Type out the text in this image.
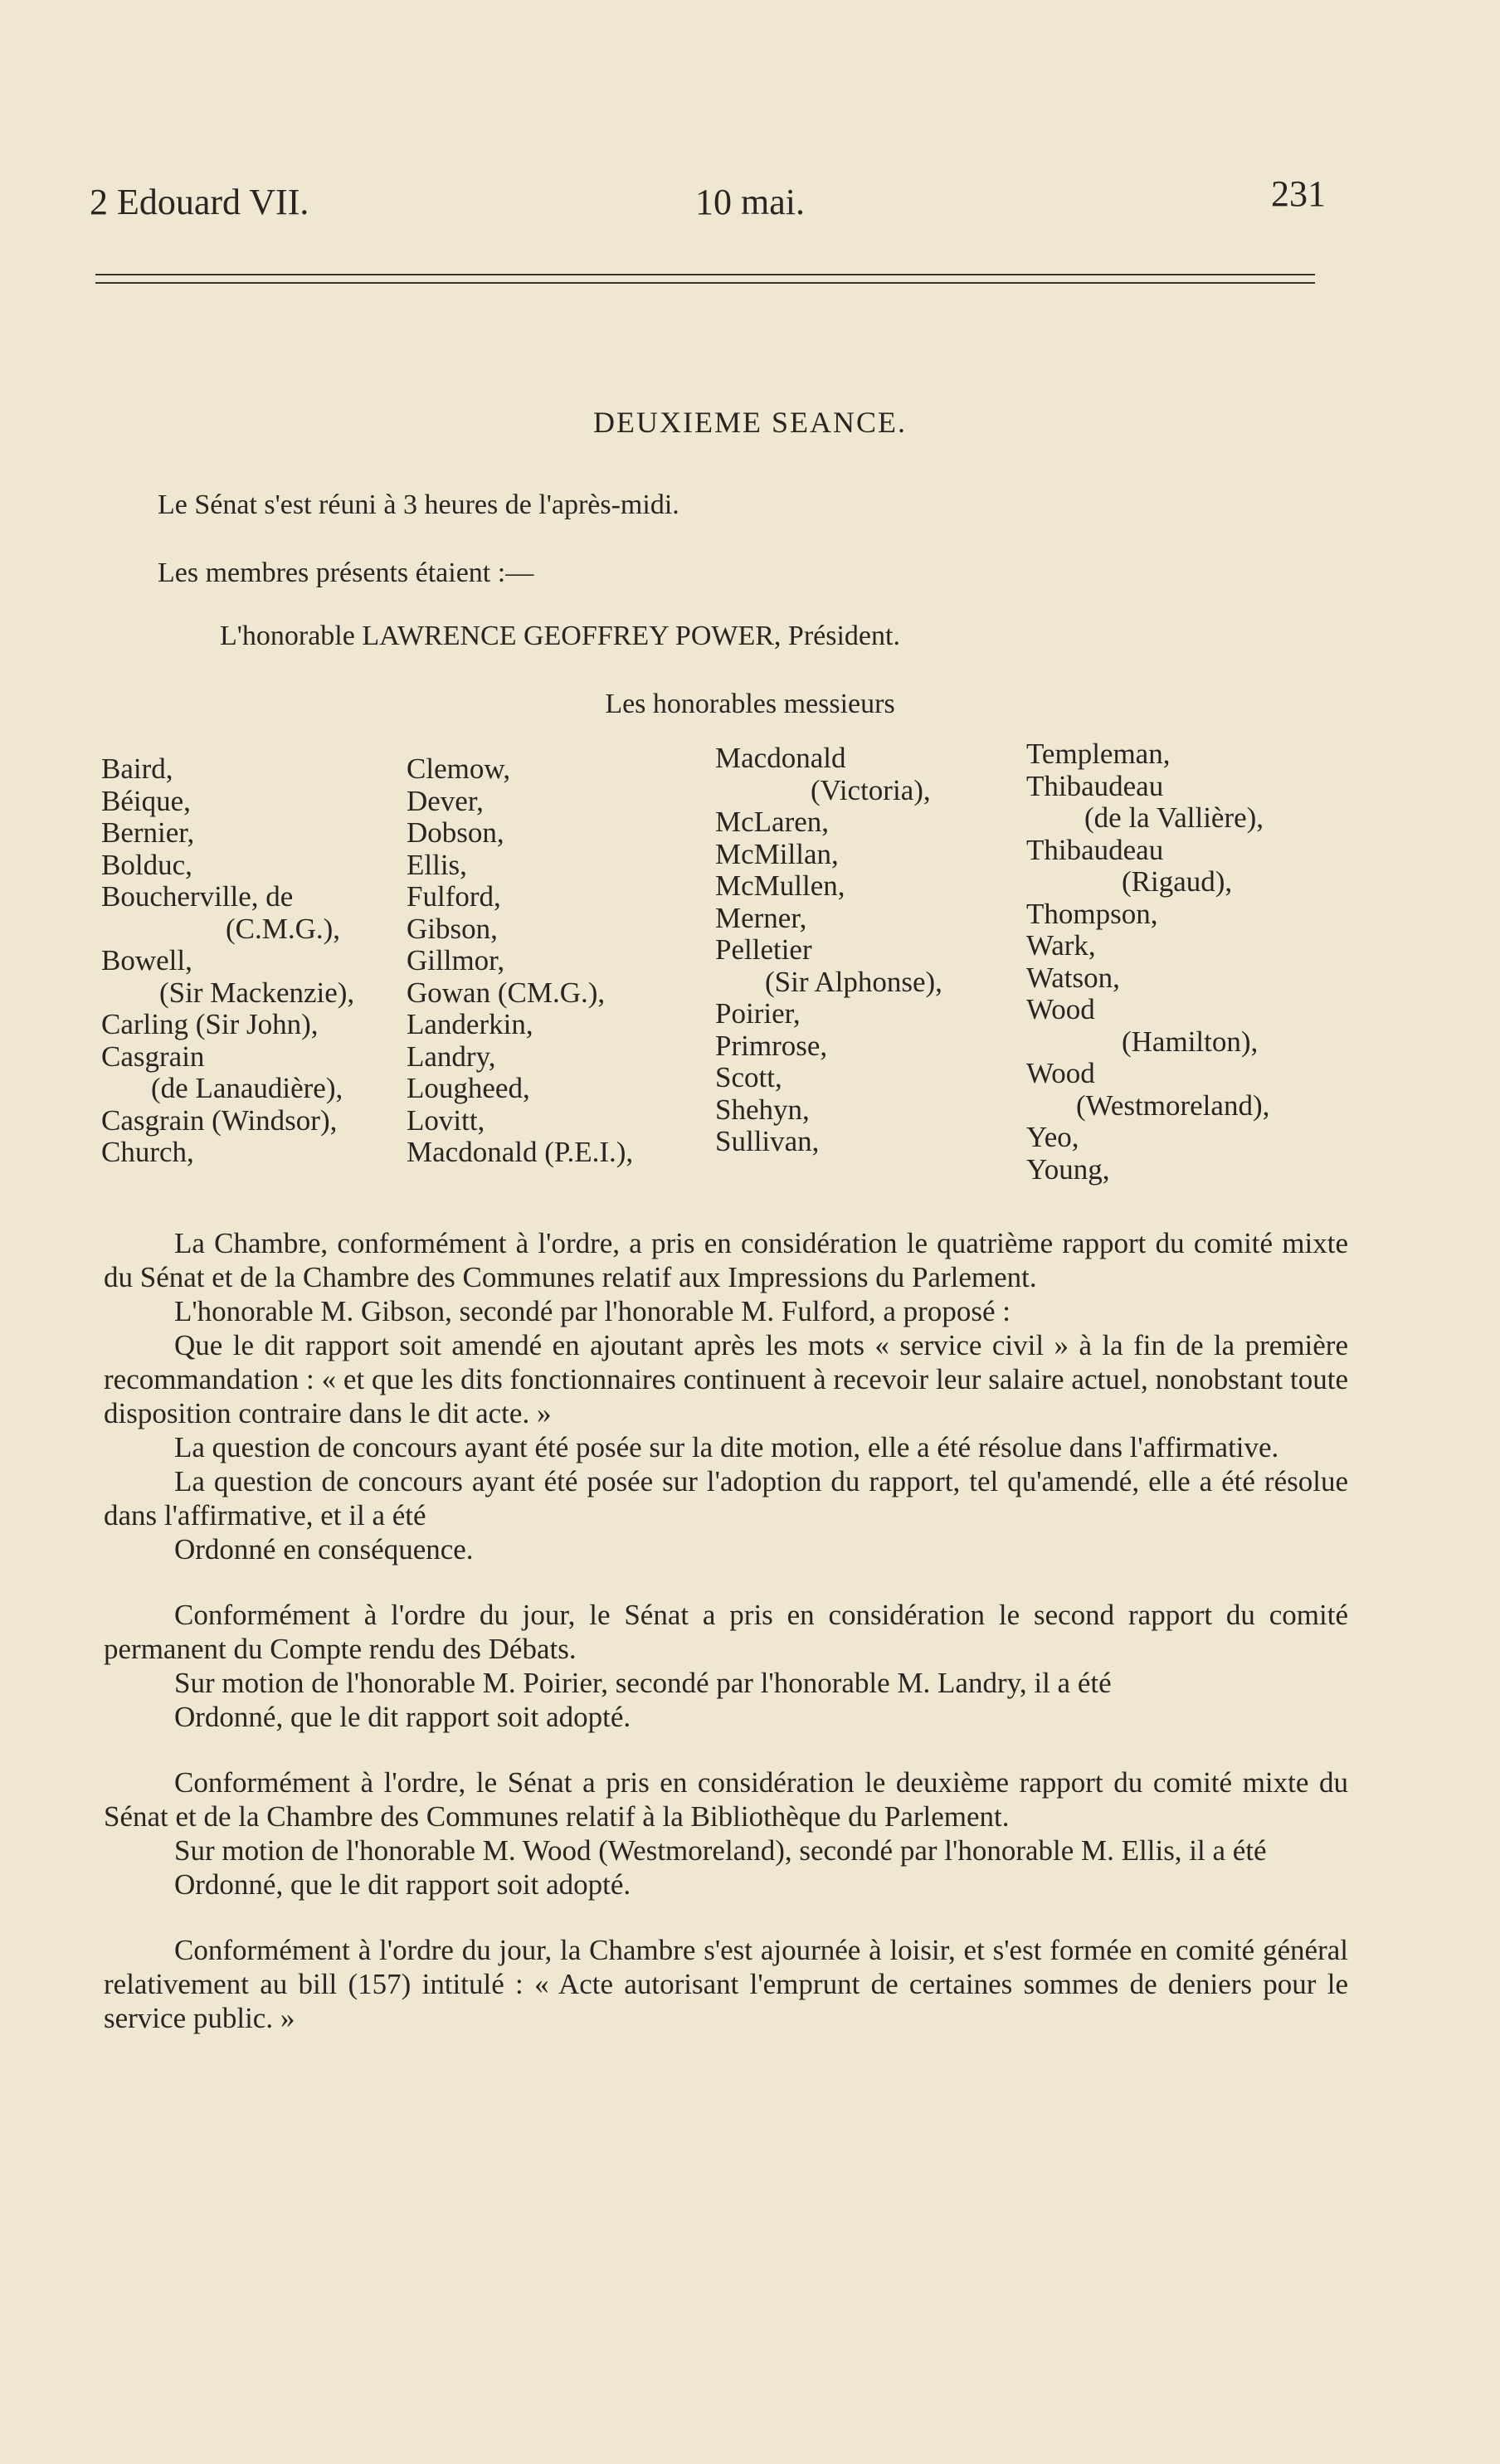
2 Edouard VII.	10 mai.	231
DEUXIEME SEANCE.
Le Sénat s'est réuni à 3 heures de l'après-midi.
Les membres présents étaient :—
L'honorable LAWRENCE GEOFFREY POWER, Président.
Les honorables messieurs
Baird,
Béique,
Bernier,
Bolduc,
Boucherville, de
(C.M.G.),
Bowell,
(Sir Mackenzie),
Carling (Sir John),
Casgrain
(de Lanaudière),
Casgrain (Windsor),
Church,
Clemow,
Dever,
Dobson,
Ellis,
Fulford,
Gibson,
Gillmor,
Gowan (CM.G.),
Landerkin,
Landry,
Lougheed,
Lovitt,
Macdonald (P.E.I.),
Macdonald
(Victoria),
McLaren,
McMillan,
McMullen,
Merner,
Pelletier
(Sir Alphonse),
Poirier,
Primrose,
Scott,
Shehyn,
Sullivan,
Templeman,
Thibaudeau
(de la Vallière),
Thibaudeau
(Rigaud),
Thompson,
Wark,
Watson,
Wood
(Hamilton),
Wood
(Westmoreland),
Yeo,
Young,

La Chambre, conformément à l'ordre, a pris en considération le quatrième rapport du comité mixte du Sénat et de la Chambre des Communes relatif aux Impressions du Parlement.

L'honorable M. Gibson, secondé par l'honorable M. Fulford, a proposé :

Que le dit rapport soit amendé en ajoutant après les mots « service civil » à la fin de la première recommandation : « et que les dits fonctionnaires continuent à recevoir leur salaire actuel, nonobstant toute disposition contraire dans le dit acte. »

La question de concours ayant été posée sur la dite motion, elle a été résolue dans l'affirmative.

La question de concours ayant été posée sur l'adoption du rapport, tel qu'amendé, elle a été résolue dans l'affirmative, et il a été

Ordonné en conséquence.

Conformément à l'ordre du jour, le Sénat a pris en considération le second rapport du comité permanent du Compte rendu des Débats.

Sur motion de l'honorable M. Poirier, secondé par l'honorable M. Landry, il a été

Ordonné, que le dit rapport soit adopté.

Conformément à l'ordre, le Sénat a pris en considération le deuxième rapport du comité mixte du Sénat et de la Chambre des Communes relatif à la Bibliothèque du Parlement.

Sur motion de l'honorable M. Wood (Westmoreland), secondé par l'honorable M. Ellis, il a été

Ordonné, que le dit rapport soit adopté.

Conformément à l'ordre du jour, la Chambre s'est ajournée à loisir, et s'est formée en comité général relativement au bill (157) intitulé : « Acte autorisant l'emprunt de certaines sommes de deniers pour le service public. »
